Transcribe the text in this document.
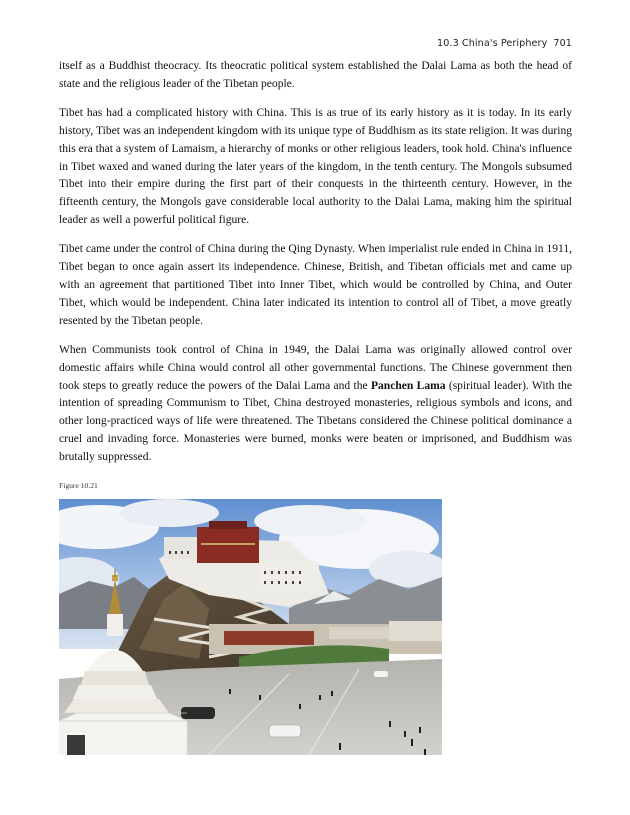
10.3 China's Periphery 701

itself as a Buddhist theocracy. Its theocratic political system established the Dalai Lama as both the head of state and the religious leader of the Tibetan people.

Tibet has had a complicated history with China. This is as true of its early history as it is today. In its early history, Tibet was an independent kingdom with its unique type of Buddhism as its state religion. It was during this era that a system of Lamaism, a hierarchy of monks or other religious leaders, took hold. China's influence in Tibet waxed and waned during the later years of the kingdom, in the tenth century. The Mongols subsumed Tibet into their empire during the first part of their conquests in the thirteenth century. However, in the fifteenth century, the Mongols gave considerable local authority to the Dalai Lama, making him the spiritual leader as well a powerful political figure.

Tibet came under the control of China during the Qing Dynasty. When imperialist rule ended in China in 1911, Tibet began to once again assert its independence. Chinese, British, and Tibetan officials met and came up with an agreement that partitioned Tibet into Inner Tibet, which would be controlled by China, and Outer Tibet, which would be independent. China later indicated its intention to control all of Tibet, a move greatly resented by the Tibetan people.

When Communists took control of China in 1949, the Dalai Lama was originally allowed control over domestic affairs while China would control all other governmental functions. The Chinese government then took steps to greatly reduce the powers of the Dalai Lama and the Panchen Lama (spiritual leader). With the intention of spreading Communism to Tibet, China destroyed monasteries, religious symbols and icons, and other long-practiced ways of life were threatened. The Tibetans considered the Chinese political dominance a cruel and invading force. Monasteries were burned, monks were beaten or imprisoned, and Buddhism was brutally suppressed.

Figure 10.21
